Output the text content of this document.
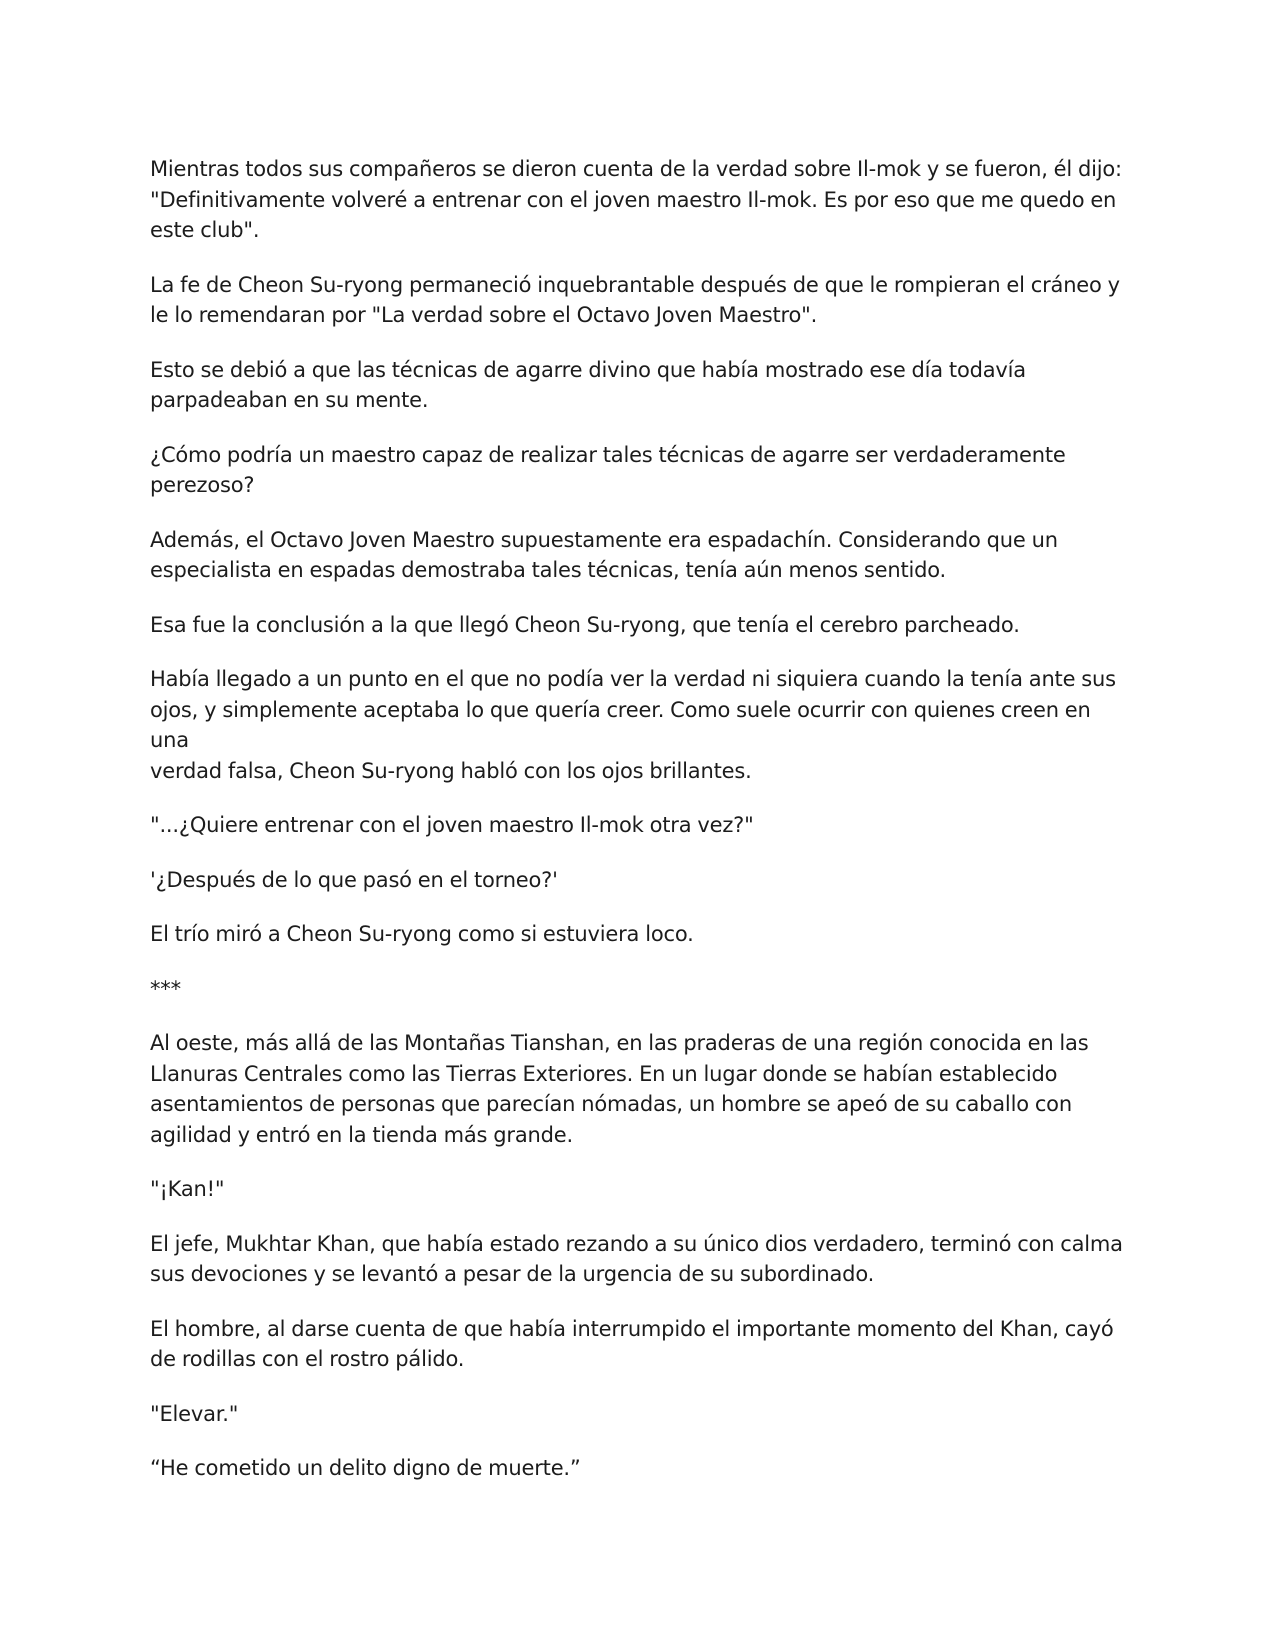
Mientras todos sus compañeros se dieron cuenta de la verdad sobre Il-mok y se fueron, él dijo:
"Definitivamente volveré a entrenar con el joven maestro Il-mok. Es por eso que me quedo en
este club".

La fe de Cheon Su-ryong permaneció inquebrantable después de que le rompieran el cráneo y
le lo remendaran por "La verdad sobre el Octavo Joven Maestro".

Esto se debió a que las técnicas de agarre divino que había mostrado ese día todavía
parpadeaban en su mente.

¿Cómo podría un maestro capaz de realizar tales técnicas de agarre ser verdaderamente
perezoso?

Además, el Octavo Joven Maestro supuestamente era espadachín. Considerando que un
especialista en espadas demostraba tales técnicas, tenía aún menos sentido.

Esa fue la conclusión a la que llegó Cheon Su-ryong, que tenía el cerebro parcheado.

Había llegado a un punto en el que no podía ver la verdad ni siquiera cuando la tenía ante sus
ojos, y simplemente aceptaba lo que quería creer. Como suele ocurrir con quienes creen en una
verdad falsa, Cheon Su-ryong habló con los ojos brillantes.

"...¿Quiere entrenar con el joven maestro Il-mok otra vez?"

'¿Después de lo que pasó en el torneo?'

El trío miró a Cheon Su-ryong como si estuviera loco.

***

Al oeste, más allá de las Montañas Tianshan, en las praderas de una región conocida en las
Llanuras Centrales como las Tierras Exteriores. En un lugar donde se habían establecido
asentamientos de personas que parecían nómadas, un hombre se apeó de su caballo con
agilidad y entró en la tienda más grande.

"¡Kan!"

El jefe, Mukhtar Khan, que había estado rezando a su único dios verdadero, terminó con calma
sus devociones y se levantó a pesar de la urgencia de su subordinado.

El hombre, al darse cuenta de que había interrumpido el importante momento del Khan, cayó
de rodillas con el rostro pálido.

"Elevar."

“He cometido un delito digno de muerte.”
